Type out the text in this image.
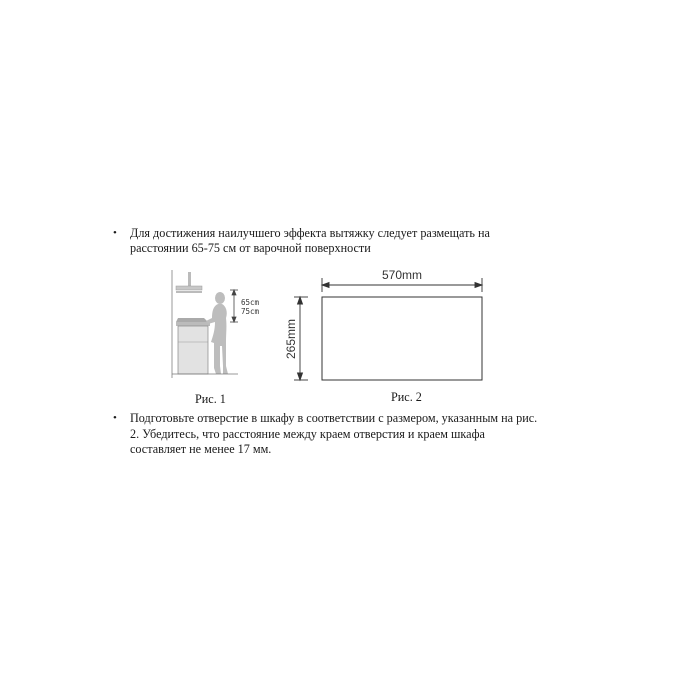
• Для достижения наилучшего эффекта вытяжку следует размещать на
расстоянии 65-75 см от варочной поверхности
65cm
75cm
Рис. 1
570mm
265mm
Рис. 2
• Подготовьте отверстие в шкафу в соответствии с размером, указанным на рис.
2. Убедитесь, что расстояние между краем отверстия и краем шкафа
составляет не менее 17 мм.
